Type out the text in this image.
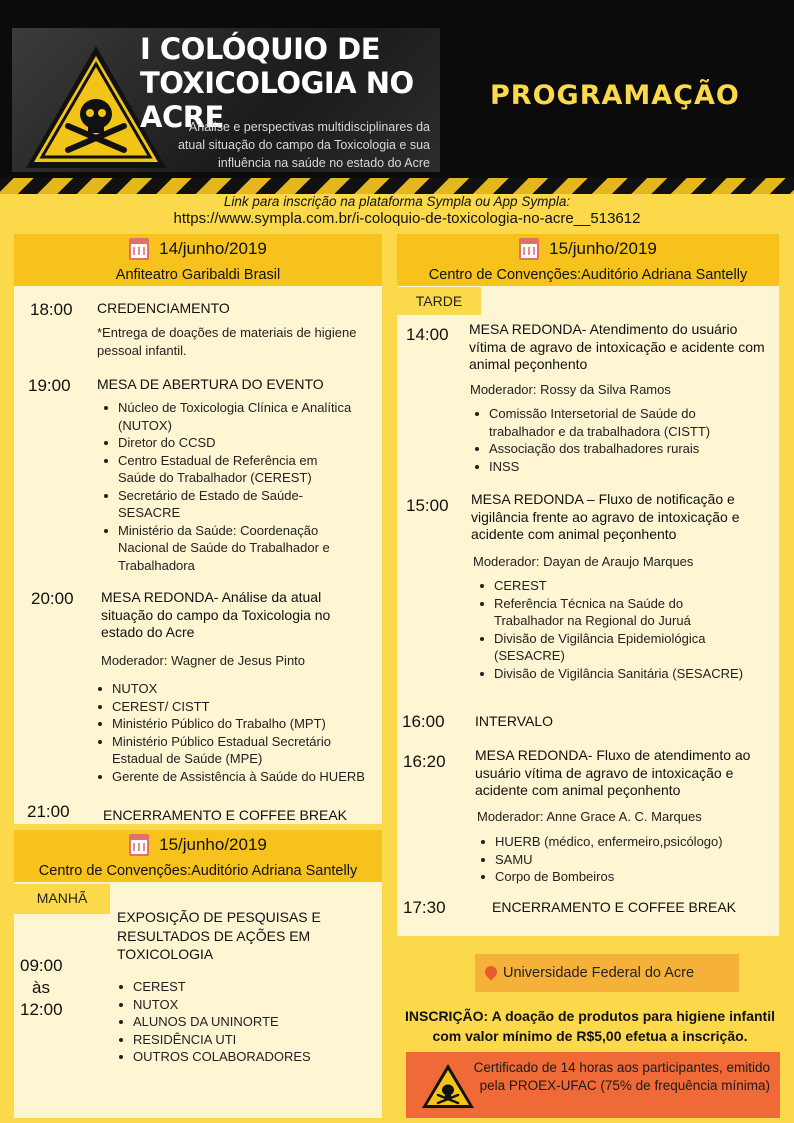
I COLÓQUIO DE
TOXICOLOGIA NO ACRE
Análise e perspectivas multidisciplinares da atual situação do campo da Toxicologia e sua influência na saúde no estado do Acre
PROGRAMAÇÃO
Link para inscrição na plataforma Sympla ou App Sympla:
https://www.sympla.com.br/i-coloquio-de-toxicologia-no-acre__513612
14/junho/2019
Anfiteatro Garibaldi Brasil
18:00 CREDENCIAMENTO
*Entrega de doações de materiais de higiene pessoal infantil.
19:00 MESA DE ABERTURA DO EVENTO
Núcleo de Toxicologia Clínica e Analítica (NUTOX)
Diretor do CCSD
Centro Estadual de Referência em Saúde do Trabalhador (CEREST)
Secretário de Estado de Saúde- SESACRE
Ministério da Saúde: Coordenação Nacional de Saúde do Trabalhador e Trabalhadora
20:00 MESA REDONDA- Análise da atual situação do campo da Toxicologia no estado do Acre
Moderador: Wagner de Jesus Pinto
NUTOX
CEREST/ CISTT
Ministério Público do Trabalho (MPT)
Ministério Público Estadual Secretário Estadual de Saúde (MPE)
Gerente de Assistência à Saúde do HUERB
21:00 ENCERRAMENTO E COFFEE BREAK
15/junho/2019
Centro de Convenções:Auditório Adriana Santelly
MANHÃ
09:00
às
12:00
EXPOSIÇÃO DE PESQUISAS E RESULTADOS DE AÇÕES EM TOXICOLOGIA
CEREST
NUTOX
ALUNOS DA UNINORTE
RESIDÊNCIA UTI
OUTROS COLABORADORES
15/junho/2019
Centro de Convenções:Auditório Adriana Santelly
TARDE
14:00 MESA REDONDA- Atendimento do usuário vítima de agravo de intoxicação e acidente com animal peçonhento
Moderador: Rossy da Silva Ramos
Comissão Intersetorial de Saúde do trabalhador e da trabalhadora (CISTT)
Associação dos trabalhadores rurais
INSS
15:00 MESA REDONDA – Fluxo de notificação e vigilância frente ao agravo de intoxicação e acidente com animal peçonhento
Moderador: Dayan de Araujo Marques
CEREST
Referência Técnica na Saúde do Trabalhador na Regional do Juruá
Divisão de Vigilância Epidemiológica (SESACRE)
Divisão de Vigilância Sanitária (SESACRE)
16:00 INTERVALO
16:20 MESA REDONDA- Fluxo de atendimento ao usuário vítima de agravo de intoxicação e acidente com animal peçonhento
Moderador: Anne Grace A. C. Marques
HUERB (médico, enfermeiro,psicólogo)
SAMU
Corpo de Bombeiros
17:30	ENCERRAMENTO E COFFEE BREAK
Universidade Federal do Acre
INSCRIÇÃO: A doação de produtos para higiene infantil com valor mínimo de R$5,00 efetua a inscrição.
Certificado de 14 horas aos participantes, emitido pela PROEX-UFAC (75% de frequência mínima)
